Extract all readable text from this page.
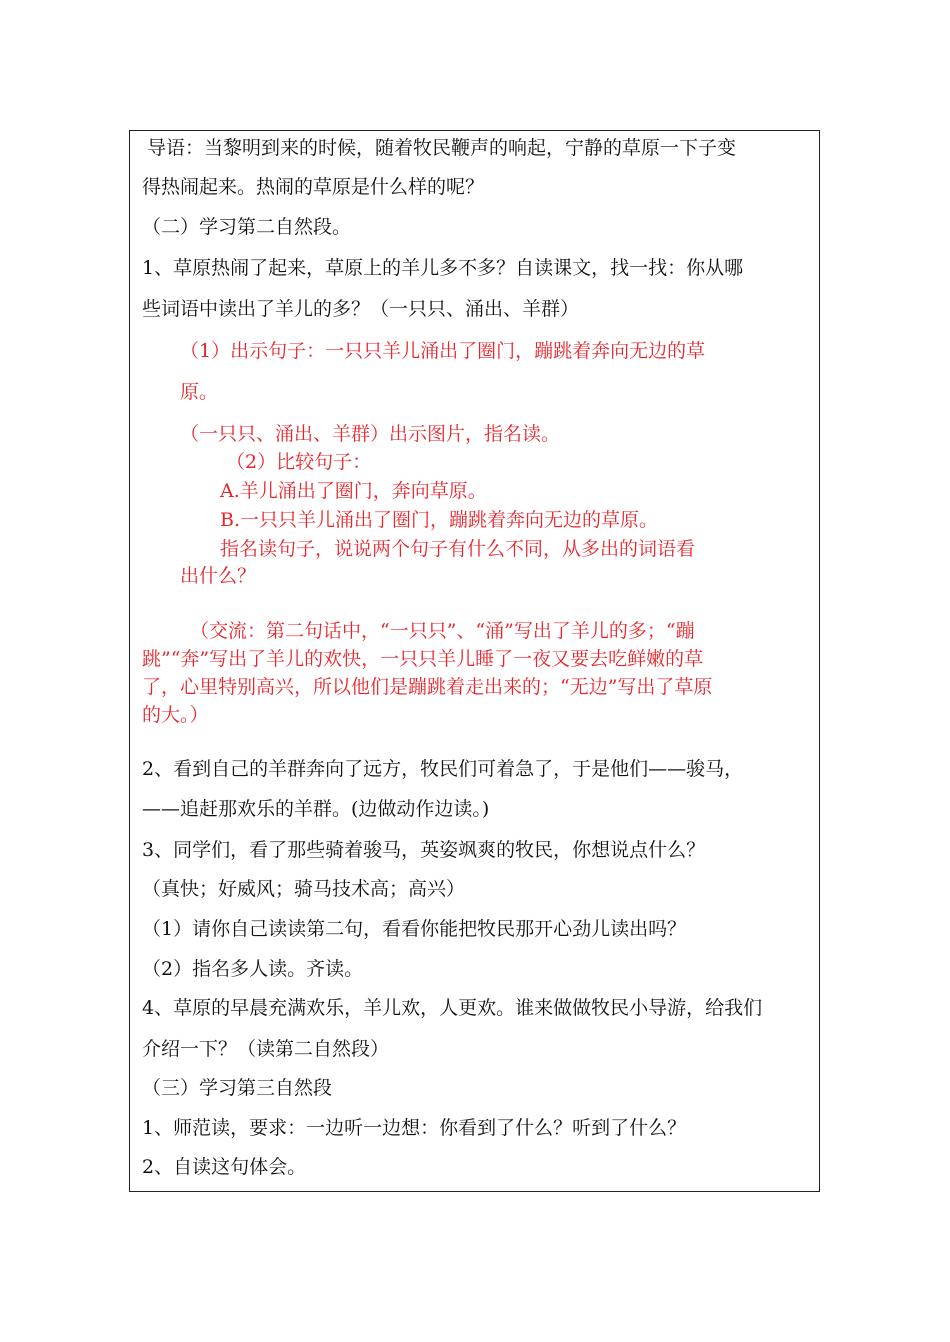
导语：当黎明到来的时候，随着牧民鞭声的响起，宁静的草原一下子变
得热闹起来。热闹的草原是什么样的呢？
（二）学习第二自然段。
1、草原热闹了起来，草原上的羊儿多不多？自读课文，找一找：你从哪
些词语中读出了羊儿的多？（一只只、涌出、羊群）
（1）出示句子：一只只羊儿涌出了圈门，蹦跳着奔向无边的草
原。
（一只只、涌出、羊群）出示图片，指名读。
（2）比较句子：
A.羊儿涌出了圈门，奔向草原。
B.一只只羊儿涌出了圈门，蹦跳着奔向无边的草原。
指名读句子，说说两个句子有什么不同，从多出的词语看
出什么？
（交流：第二句话中，“一只只”、“涌”写出了羊儿的多；“蹦
跳”“奔”写出了羊儿的欢快，一只只羊儿睡了一夜又要去吃鲜嫩的草
了，心里特别高兴，所以他们是蹦跳着走出来的；“无边”写出了草原
的大。）
2、看到自己的羊群奔向了远方，牧民们可着急了，于是他们——骏马，
——追赶那欢乐的羊群。(边做动作边读。)
3、同学们，看了那些骑着骏马，英姿飒爽的牧民，你想说点什么？
（真快；好威风；骑马技术高；高兴）
（1）请你自己读读第二句，看看你能把牧民那开心劲儿读出吗？
（2）指名多人读。齐读。
4、草原的早晨充满欢乐，羊儿欢，人更欢。谁来做做牧民小导游，给我们
介绍一下？（读第二自然段）
（三）学习第三自然段
1、师范读，要求：一边听一边想：你看到了什么？听到了什么？
2、自读这句体会。
